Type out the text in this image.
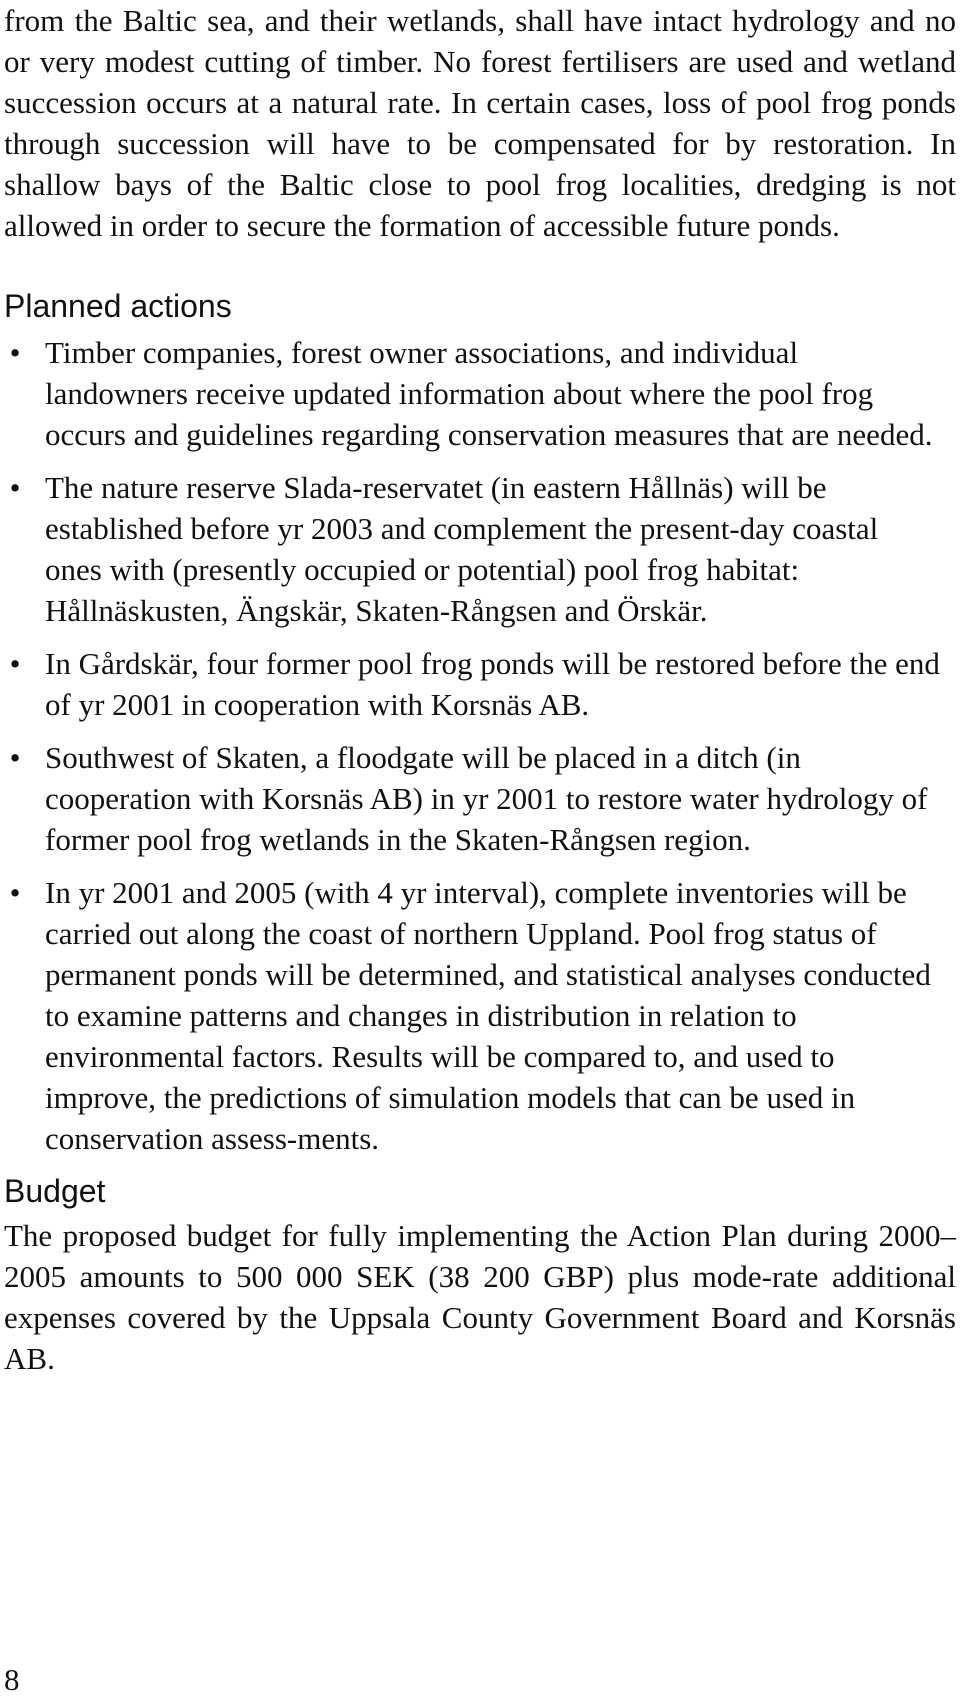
from the Baltic sea, and their wetlands, shall have intact hydrology and no or very modest cutting of timber. No forest fertilisers are used and wetland succession occurs at a natural rate. In certain cases, loss of pool frog ponds through succession will have to be compensated for by restoration. In shallow bays of the Baltic close to pool frog localities, dredging is not allowed in order to secure the formation of accessible future ponds.

Planned actions
• Timber companies, forest owner associations, and individual landowners receive updated information about where the pool frog occurs and guidelines regarding conservation measures that are needed.
• The nature reserve Slada-reservatet (in eastern Hållnäs) will be established before yr 2003 and complement the present-day coastal ones with (presently occupied or potential) pool frog habitat: Hållnäskusten, Ängskär, Skaten-Rångsen and Örskär.
• In Gårdskär, four former pool frog ponds will be restored before the end of yr 2001 in cooperation with Korsnäs AB.
• Southwest of Skaten, a floodgate will be placed in a ditch (in cooperation with Korsnäs AB) in yr 2001 to restore water hydrology of former pool frog wetlands in the Skaten-Rångsen region.
• In yr 2001 and 2005 (with 4 yr interval), complete inventories will be carried out along the coast of northern Uppland. Pool frog status of permanent ponds will be determined, and statistical analyses conducted to examine patterns and changes in distribution in relation to environmental factors. Results will be compared to, and used to improve, the predictions of simulation models that can be used in conservation assess-ments.
Budget

The proposed budget for fully implementing the Action Plan during 2000–2005 amounts to 500 000 SEK (38 200 GBP) plus mode-rate additional expenses covered by the Uppsala County Government Board and Korsnäs AB.

8
